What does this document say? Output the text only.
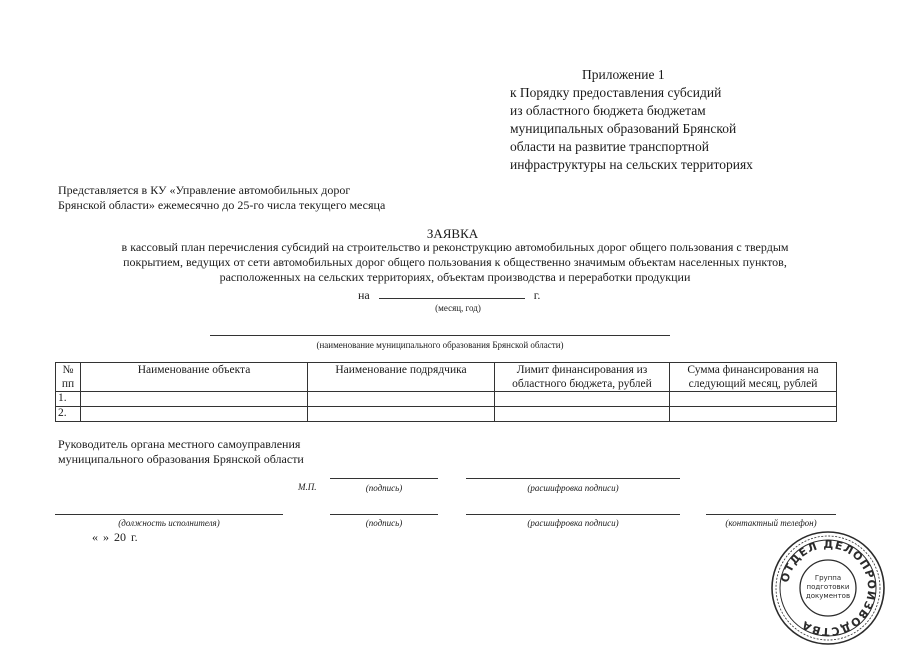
Приложение 1
к Порядку предоставления субсидий
из областного бюджета бюджетам
муниципальных образований Брянской
области на развитие транспортной
инфраструктуры на сельских территориях
Представляется в КУ «Управление автомобильных дорог
Брянской области» ежемесячно до 25-го числа текущего месяца
ЗАЯВКА
в кассовый план перечисления субсидий на строительство и реконструкцию автомобильных дорог общего пользования с твердым
покрытием, ведущих от сети автомобильных дорог общего пользования к общественно значимым объектам населенных пунктов,
расположенных на сельских территориях, объектам производства и переработки продукции
на	г.
(месяц, год)
(наименование муниципального образования Брянской области)
№ пп	Наименование объекта	Наименование подрядчика	Лимит финансирования из областного бюджета, рублей	Сумма финансирования на следующий месяц, рублей
1.				
2.				
Руководитель органа местного самоуправления муниципального образования Брянской области
М.П.	(подпись)	(расшифровка подписи)
(должность исполнителя)	(подпись)	(расшифровка подписи)	(контактный телефон)
« » 20 г.
ОТДЕЛ ДЕЛОПРОИЗВОДСТВА
Группа
подготовки
документов
